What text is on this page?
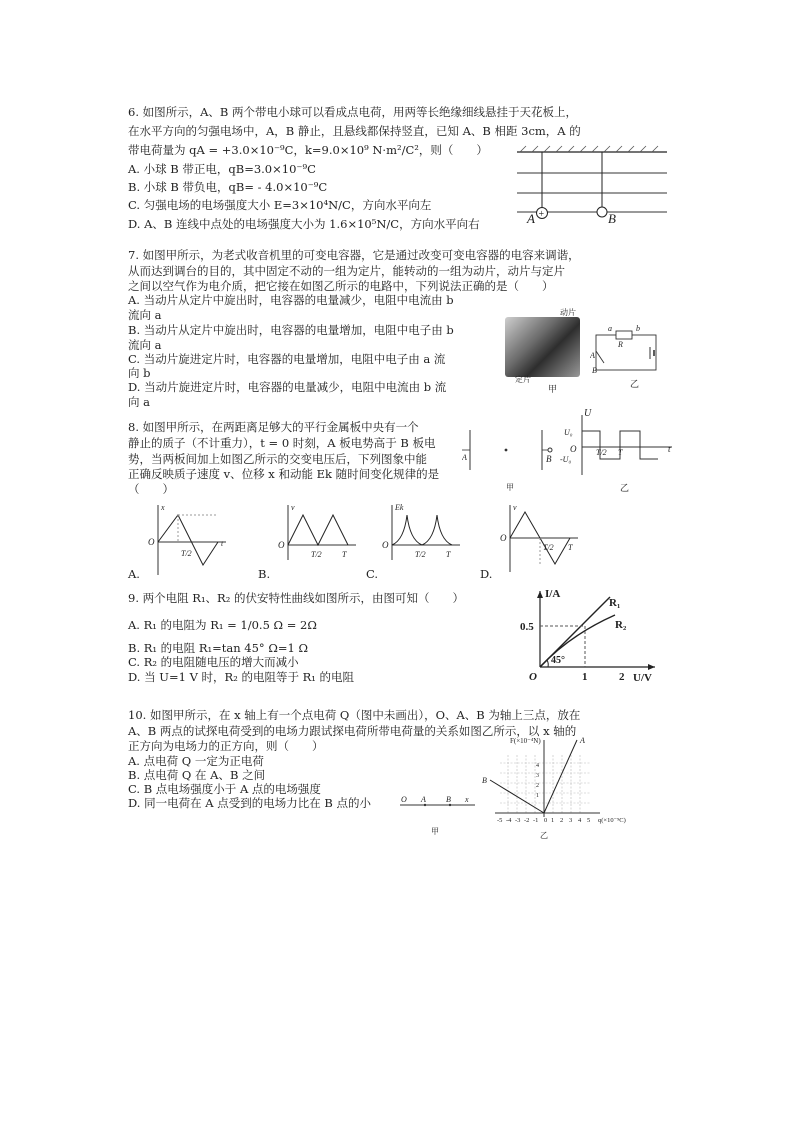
6. 如图所示，A、B 两个带电小球可以看成点电荷，用两等长绝缘细线悬挂于天花板上，
在水平方向的匀强电场中，A，B 静止，且悬线都保持竖直，已知 A、B 相距 3cm，A 的
带电荷量为 qA = +3.0×10⁻⁹C，k=9.0×10⁹ N·m²/C²，则（　　）
A. 小球 B 带正电，qB=3.0×10⁻⁹C
B. 小球 B 带负电，qB= - 4.0×10⁻⁹C
C. 匀强电场的电场强度大小 E=3×10⁴N/C，方向水平向左
D. A、B 连线中点处的电场强度大小为 1.6×10⁵N/C，方向水平向右
+
A	B
7. 如图甲所示，为老式收音机里的可变电容器，它是通过改变可变电容器的电容来调谐，
从而达到调台的目的，其中固定不动的一组为定片，能转动的一组为动片，动片与定片
之间以空气作为电介质，把它接在如图乙所示的电路中，下列说法正确的是（　　）
A. 当动片从定片中旋出时，电容器的电量减少，电阻中电流由 b
流向 a
B. 当动片从定片中旋出时，电容器的电量增加，电阻中电子由 b
流向 a
C. 当动片旋进定片时，电容器的电量增加，电阻中电子由 a 流
向 b
D. 当动片旋进定片时，电容器的电量减少，电阻中电流由 b 流
向 a
动片
定片
甲
R
a	b
A
B
乙
8. 如图甲所示，在两距离足够大的平行金属板中央有一个
静止的质子（不计重力），t = 0 时刻，A 板电势高于 B 板电
势，当两板间加上如图乙所示的交变电压后，下列图象中能
正确反映质子速度 v、位移 x 和动能 Ek 随时间变化规律的是
（　　）
A	B
甲
U
t
U₀
-U₀
O T/2 T
乙
x
O
T/2
t
A.
v
O
T/2	T
B.
Ek
O
T/2	T
C.
v
O
T/2 T
D.
9. 两个电阻 R₁、R₂ 的伏安特性曲线如图所示，由图可知（　　）
A. R₁ 的电阻为 R₁ = 1/0.5 Ω = 2Ω
B. R₁ 的电阻 R₁=tan 45° Ω=1 Ω
C. R₂ 的电阻随电压的增大而减小
D. 当 U=1 V 时，R₂ 的电阻等于 R₁ 的电阻
I/A
U/V
R₁
R₂
0.5
1	2
45°
O
10. 如图甲所示，在 x 轴上有一个点电荷 Q（图中未画出），O、A、B 为轴上三点，放在
A、B 两点的试探电荷受到的电场力跟试探电荷所带电荷量的关系如图乙所示，以 x 轴的
正方向为电场力的正方向，则（　　）
A. 点电荷 Q 一定为正电荷
B. 点电荷 Q 在 A、B 之间
C. B 点电场强度小于 A 点的电场强度
D. 同一电荷在 A 点受到的电场力比在 B 点的小	O A	B x
甲
F(×10⁻⁴N)	A
B
4
3
2
1
-5 -4 -3 -2 -1 0 1 2 3 4 5 q(×10⁻⁹C)
乙
